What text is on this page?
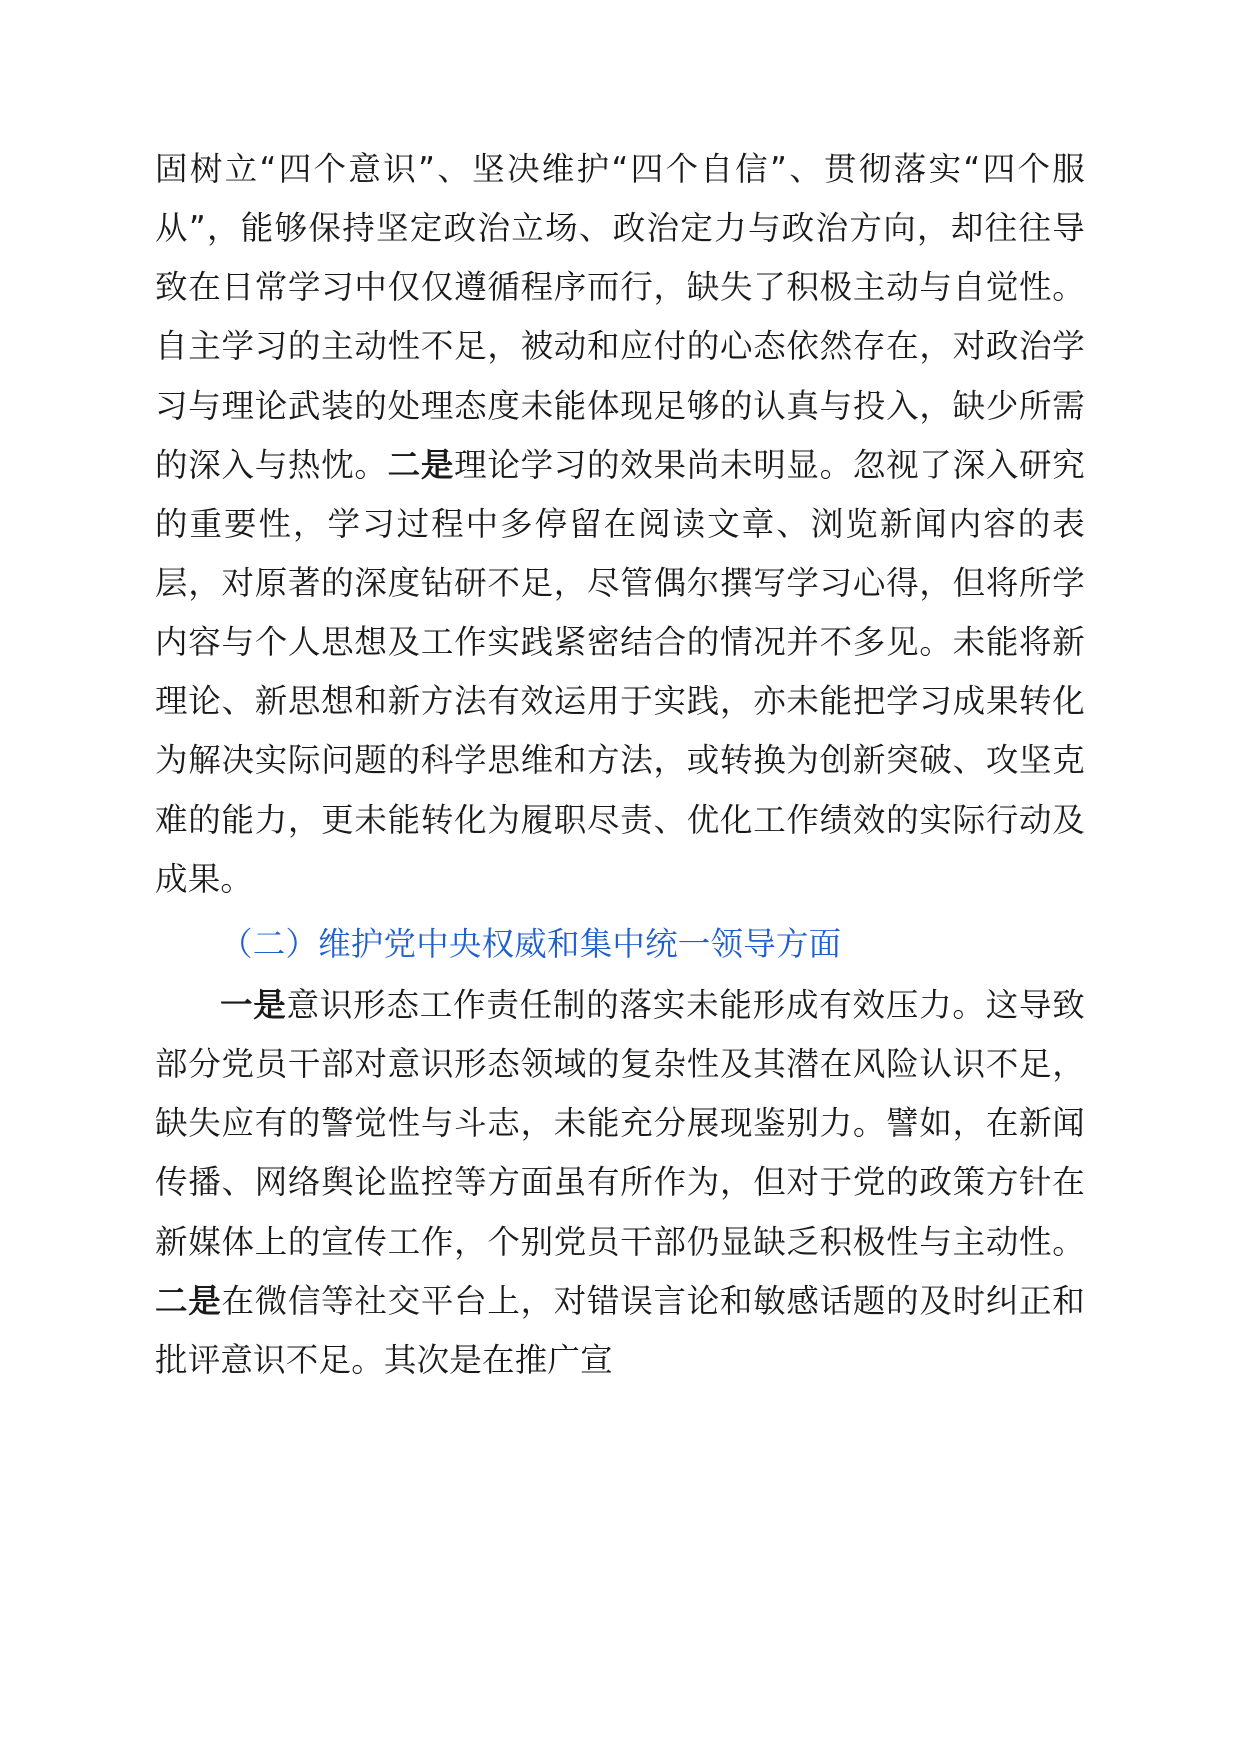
固树立“四个意识”、坚决维护“四个自信”、贯彻落实“四个服从”，能够保持坚定政治立场、政治定力与政治方向，却往往导致在日常学习中仅仅遵循程序而行，缺失了积极主动与自觉性。自主学习的主动性不足，被动和应付的心态依然存在，对政治学习与理论武装的处理态度未能体现足够的认真与投入，缺少所需的深入与热忱。二是理论学习的效果尚未明显。忽视了深入研究的重要性，学习过程中多停留在阅读文章、浏览新闻内容的表层，对原著的深度钻研不足，尽管偶尔撰写学习心得，但将所学内容与个人思想及工作实践紧密结合的情况并不多见。未能将新理论、新思想和新方法有效运用于实践，亦未能把学习成果转化为解决实际问题的科学思维和方法，或转换为创新突破、攻坚克难的能力，更未能转化为履职尽责、优化工作绩效的实际行动及成果。

（二）维护党中央权威和集中统一领导方面

一是意识形态工作责任制的落实未能形成有效压力。这导致部分党员干部对意识形态领域的复杂性及其潜在风险认识不足，缺失应有的警觉性与斗志，未能充分展现鉴别力。譬如，在新闻传播、网络舆论监控等方面虽有所作为，但对于党的政策方针在新媒体上的宣传工作，个别党员干部仍显缺乏积极性与主动性。二是在微信等社交平台上，对错误言论和敏感话题的及时纠正和批评意识不足。其次是在推广宣
